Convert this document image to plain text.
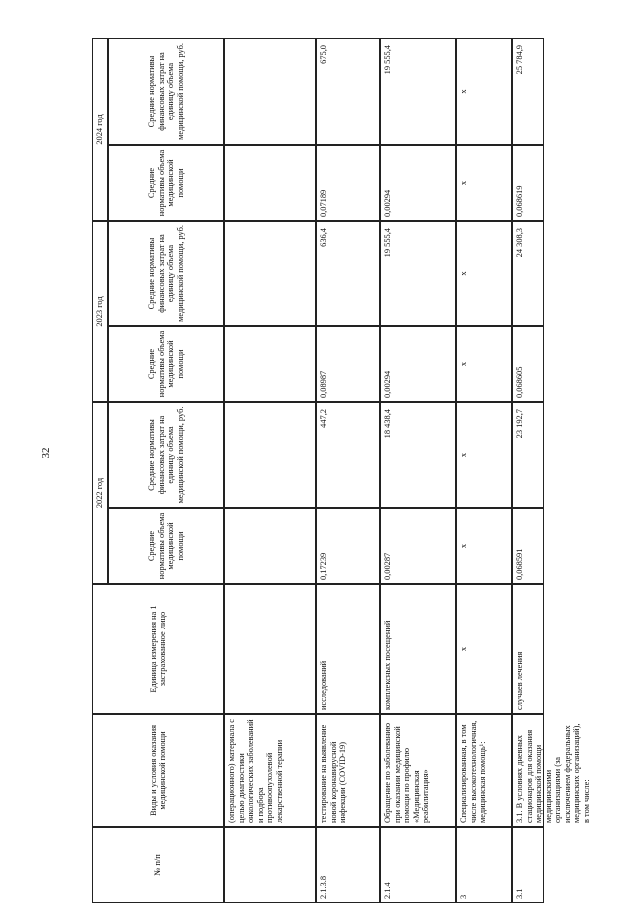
32
№ п/п
Виды и условия оказания медицинской помощи
Единица измерения на 1 застрахованное лицо
2022 год
2023 год
2024 год
Средние нормативы объема медицинской помощи
Средние нормативы финансовых затрат на единицу объема медицинской помощи, руб.
Средние нормативы объема медицинской помощи
Средние нормативы финансовых затрат на единицу объема медицинской помощи, руб.
Средние нормативы объема медицинской помощи
Средние нормативы финансовых затрат на единицу объема медицинской помощи, руб.
(операционного) материала с целью диагностики онкологических заболеваний и подбора противоопухолевой лекарственной терапии
2.1.3.8
тестирование на выявление новой коронавирусной инфекции (COVID-19)
исследований
0,17239
447,2
0,08987
636,4
0,07189
675,0
2.1.4
Обращение по заболеванию при оказании медицинской помощи по профилю «Медицинская реабилитация»
комплексных посещений
0,00287
18 438,4
0,00294
19 555,4
0,00294
19 555,4
3
Специализированная, в том числе высокотехнологичная, медицинская помощь¹:
x
x
x
x
x
x
x
3.1
3.1. В условиях дневных стационаров для оказания медицинской помощи медицинскими организациями (за исключением федеральных медицинских организаций), в том числе:
случаев лечения
0,068591
23 192,7
0,068605
24 308,3
0,068619
25 784,9
